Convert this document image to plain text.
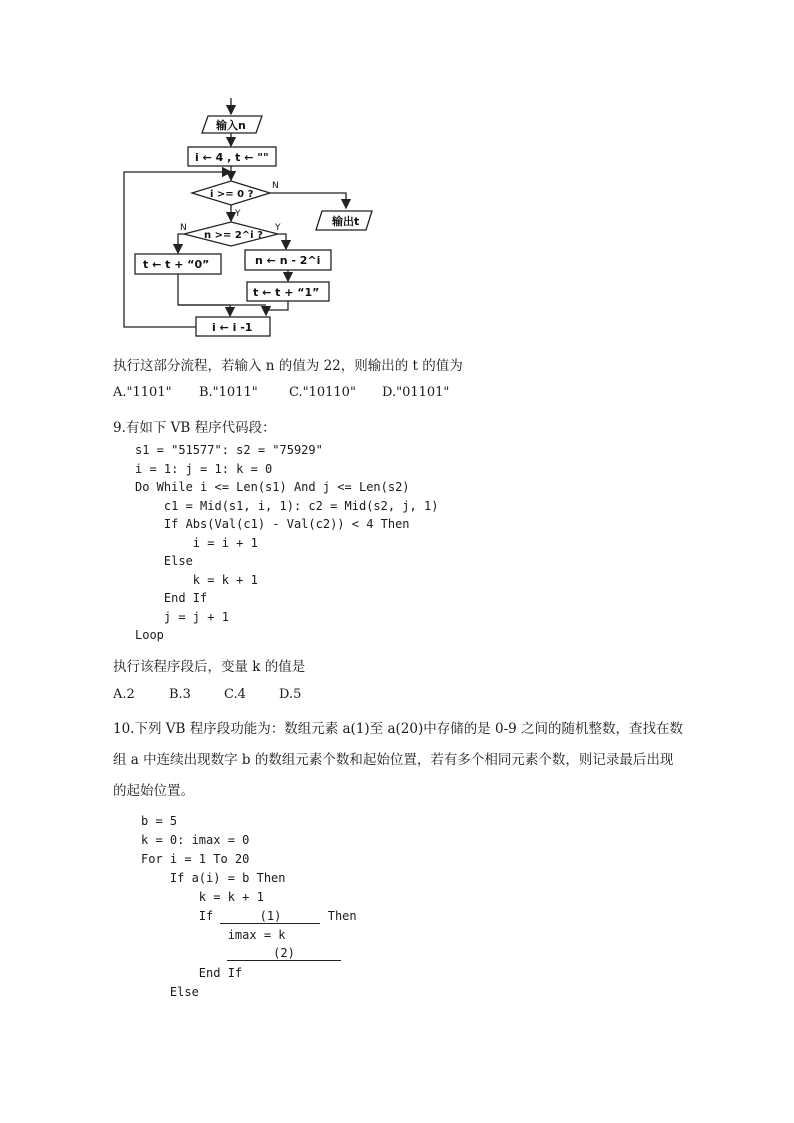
输入n
i ← 4 , t ← ""
i >= 0 ?
输出t
n >= 2^i ?
t ← t + “0”	n ← n - 2^i
t ← t + “1”
i ← i -1
N
Y
N	Y
执行这部分流程，若输入 n 的值为 22，则输出的 t 的值为
A."1101" B."1011" C."10110" D."01101"
9.有如下 VB 程序代码段：
s1 = "51577": s2 = "75929"
i = 1: j = 1: k = 0
Do While i <= Len(s1) And j <= Len(s2)
c1 = Mid(s1, i, 1): c2 = Mid(s2, j, 1)
If Abs(Val(c1) - Val(c2)) < 4 Then
i = i + 1
Else
k = k + 1
End If
j = j + 1
Loop
执行该程序段后，变量 k 的值是
A.2	B.3	C.4	D.5
10.下列 VB 程序段功能为：数组元素 a(1)至 a(20)中存储的是 0-9 之间的随机整数，查找在数
组 a 中连续出现数字 b 的数组元素个数和起始位置，若有多个相同元素个数，则记录最后出现
的起始位置。
b = 5
k = 0: imax = 0
For i = 1 To 20
If a(i) = b Then
k = k + 1
If	(1)	Then
imax = k
(2)
End If
Else
